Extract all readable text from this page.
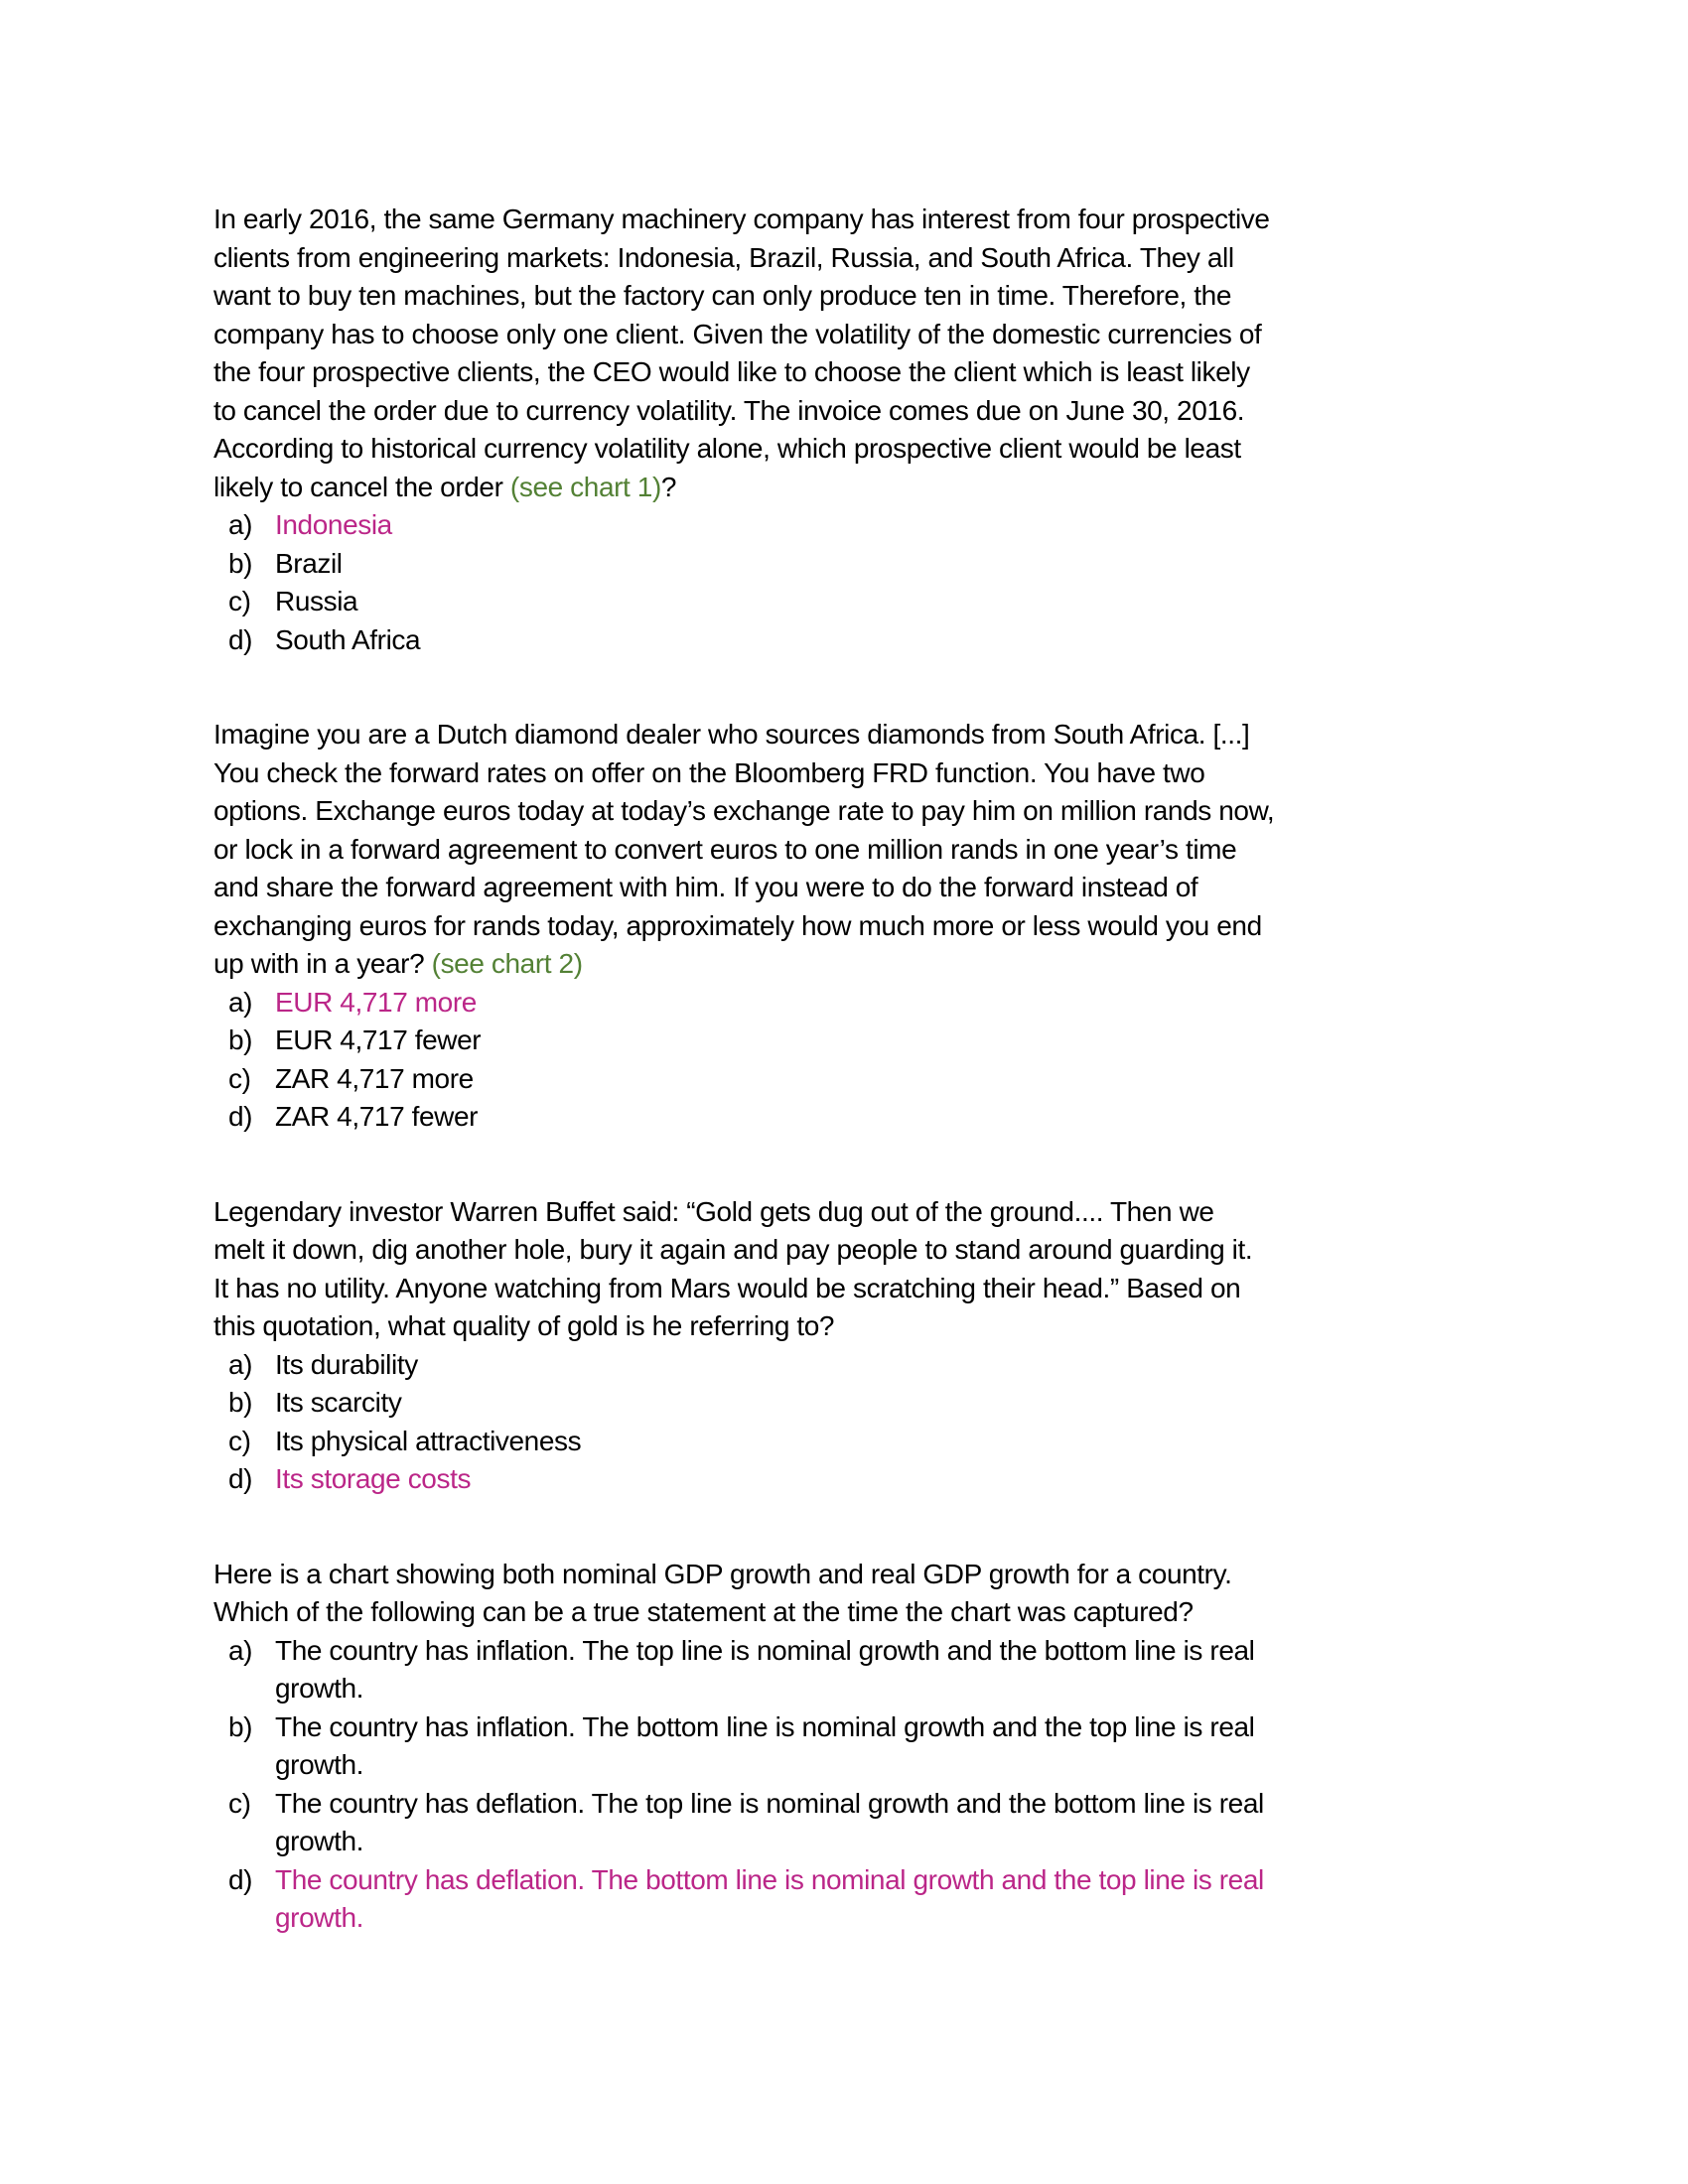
In early 2016, the same Germany machinery company has interest from four prospective
clients from engineering markets: Indonesia, Brazil, Russia, and South Africa. They all
want to buy ten machines, but the factory can only produce ten in time. Therefore, the
company has to choose only one client. Given the volatility of the domestic currencies of
the four prospective clients, the CEO would like to choose the client which is least likely
to cancel the order due to currency volatility. The invoice comes due on June 30, 2016.
According to historical currency volatility alone, which prospective client would be least
likely to cancel the order (see chart 1)?
a) Indonesia
b) Brazil
c) Russia
d) South Africa
Imagine you are a Dutch diamond dealer who sources diamonds from South Africa. [...]
You check the forward rates on offer on the Bloomberg FRD function. You have two
options. Exchange euros today at today’s exchange rate to pay him on million rands now,
or lock in a forward agreement to convert euros to one million rands in one year’s time
and share the forward agreement with him. If you were to do the forward instead of
exchanging euros for rands today, approximately how much more or less would you end
up with in a year? (see chart 2)
a) EUR 4,717 more
b) EUR 4,717 fewer
c) ZAR 4,717 more
d) ZAR 4,717 fewer
Legendary investor Warren Buffet said: “Gold gets dug out of the ground.... Then we
melt it down, dig another hole, bury it again and pay people to stand around guarding it.
It has no utility. Anyone watching from Mars would be scratching their head.” Based on
this quotation, what quality of gold is he referring to?
a) Its durability
b) Its scarcity
c) Its physical attractiveness
d) Its storage costs
Here is a chart showing both nominal GDP growth and real GDP growth for a country.
Which of the following can be a true statement at the time the chart was captured?
a) The country has inflation. The top line is nominal growth and the bottom line is real
growth.
b) The country has inflation. The bottom line is nominal growth and the top line is real
growth.
c) The country has deflation. The top line is nominal growth and the bottom line is real
growth.
d) The country has deflation. The bottom line is nominal growth and the top line is real
growth.
